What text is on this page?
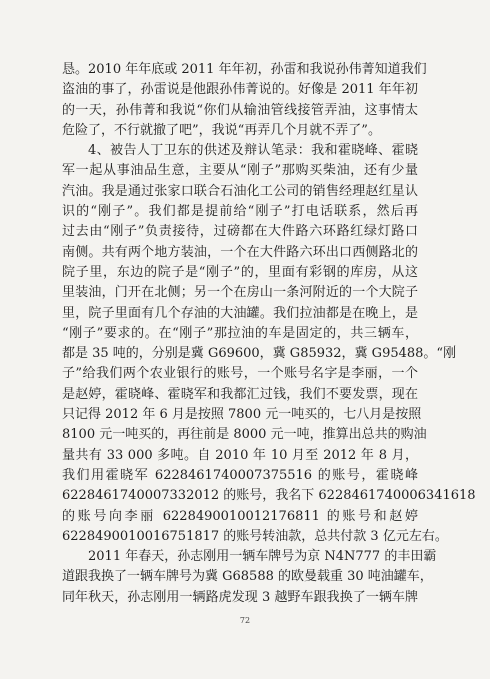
恳。2010 年年底或 2011 年年初，孙雷和我说孙伟菁知道我们
盗油的事了，孙雷说是他跟孙伟菁说的。好像是 2011 年年初
的一天，孙伟菁和我说“你们从输油管线接管弄油，这事情太
危险了，不行就撤了吧”，我说“再弄几个月就不弄了”。
4、被告人丁卫东的供述及辩认笔录：我和霍晓峰、霍晓
军一起从事油品生意，主要从“刚子”那购买柴油，还有少量
汽油。我是通过张家口联合石油化工公司的销售经理赵红星认
识的“刚子”。我们都是提前给“刚子”打电话联系，然后再
过去由“刚子”负责接待，过磅都在大件路六环路红绿灯路口
南侧。共有两个地方装油，一个在大件路六环出口西侧路北的
院子里，东边的院子是“刚子”的，里面有彩钢的库房，从这
里装油，门开在北侧；另一个在房山一条河附近的一个大院子
里，院子里面有几个存油的大油罐。我们拉油都是在晚上，是
“刚子”要求的。在“刚子”那拉油的车是固定的，共三辆车，
都是 35 吨的，分别是冀 G69600，冀 G85932，冀 G95488。“刚
子”给我们两个农业银行的账号，一个账号名字是李丽，一个
是赵婷，霍晓峰、霍晓军和我都汇过钱，我们不要发票，现在
只记得 2012 年 6 月是按照 7800 元一吨买的，七八月是按照
8100 元一吨买的，再往前是 8000 元一吨，推算出总共的购油
量共有 33 000 多吨。自 2010 年 10 月至 2012 年 8 月，
我们用霍晓军 6228461740007375516 的账号，霍晓峰
6228461740007332012 的账号，我名下 6228461740006341618
的账号向李丽 6228490010012176811 的账号和赵婷
6228490010016751817 的账号转油款，总共付款 3 亿元左右。
2011 年春天，孙志刚用一辆车牌号为京 N4N777 的丰田霸
道跟我换了一辆车牌号为冀 G68588 的欧曼载重 30 吨油罐车，
同年秋天，孙志刚用一辆路虎发现 3 越野车跟我换了一辆车牌
72
